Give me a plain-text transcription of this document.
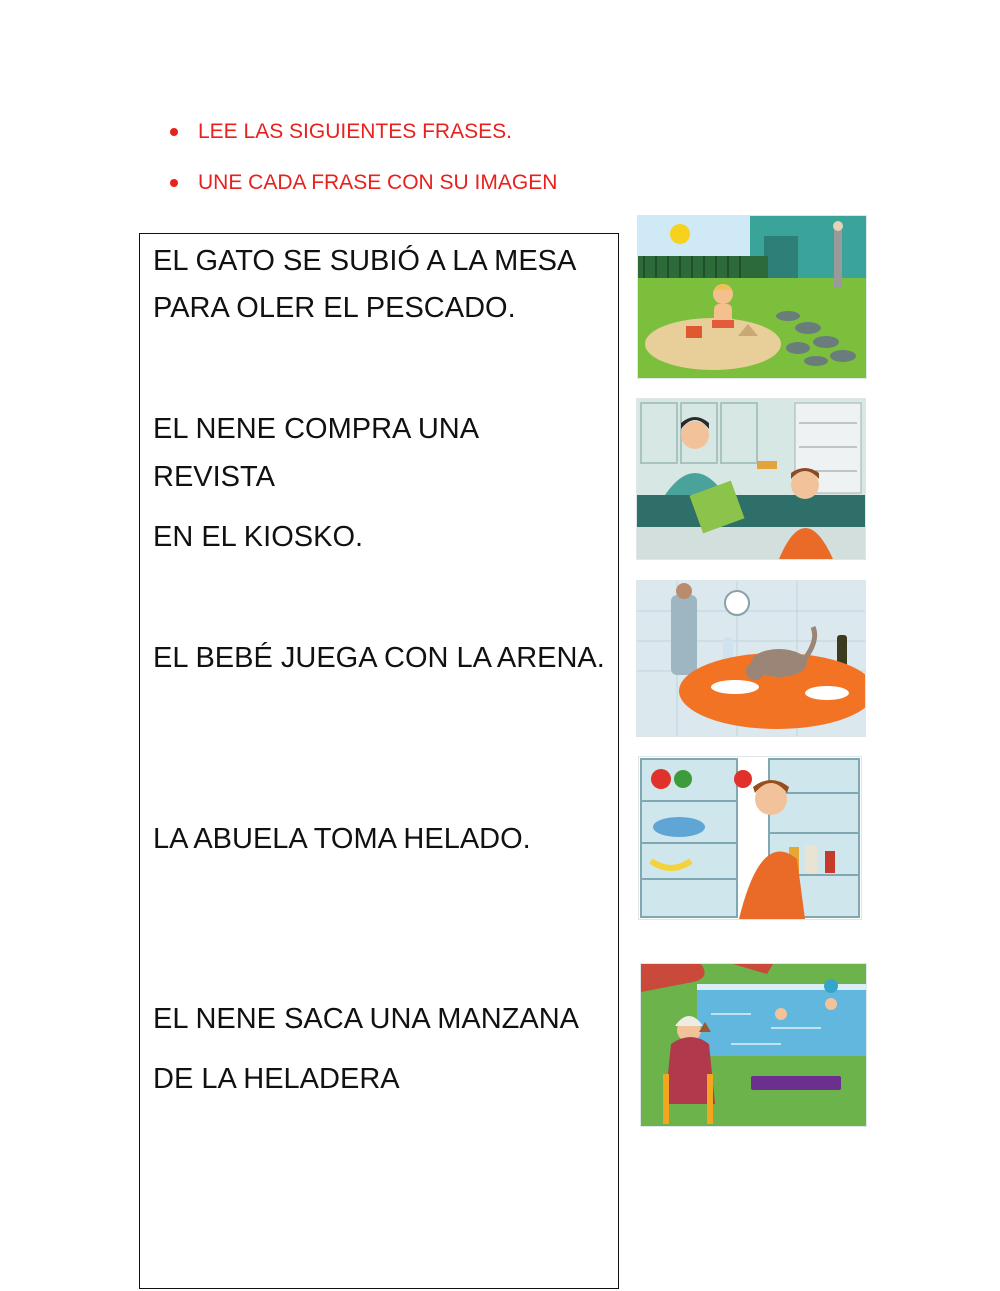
LEE LAS SIGUIENTES FRASES.
UNE CADA FRASE CON SU IMAGEN
EL GATO SE SUBIÓ A LA MESA
PARA OLER EL PESCADO.
EL NENE COMPRA UNA
REVISTA
EN EL KIOSKO.
EL BEBÉ JUEGA CON LA ARENA.
LA ABUELA TOMA HELADO.
EL NENE SACA UNA MANZANA
DE LA HELADERA
